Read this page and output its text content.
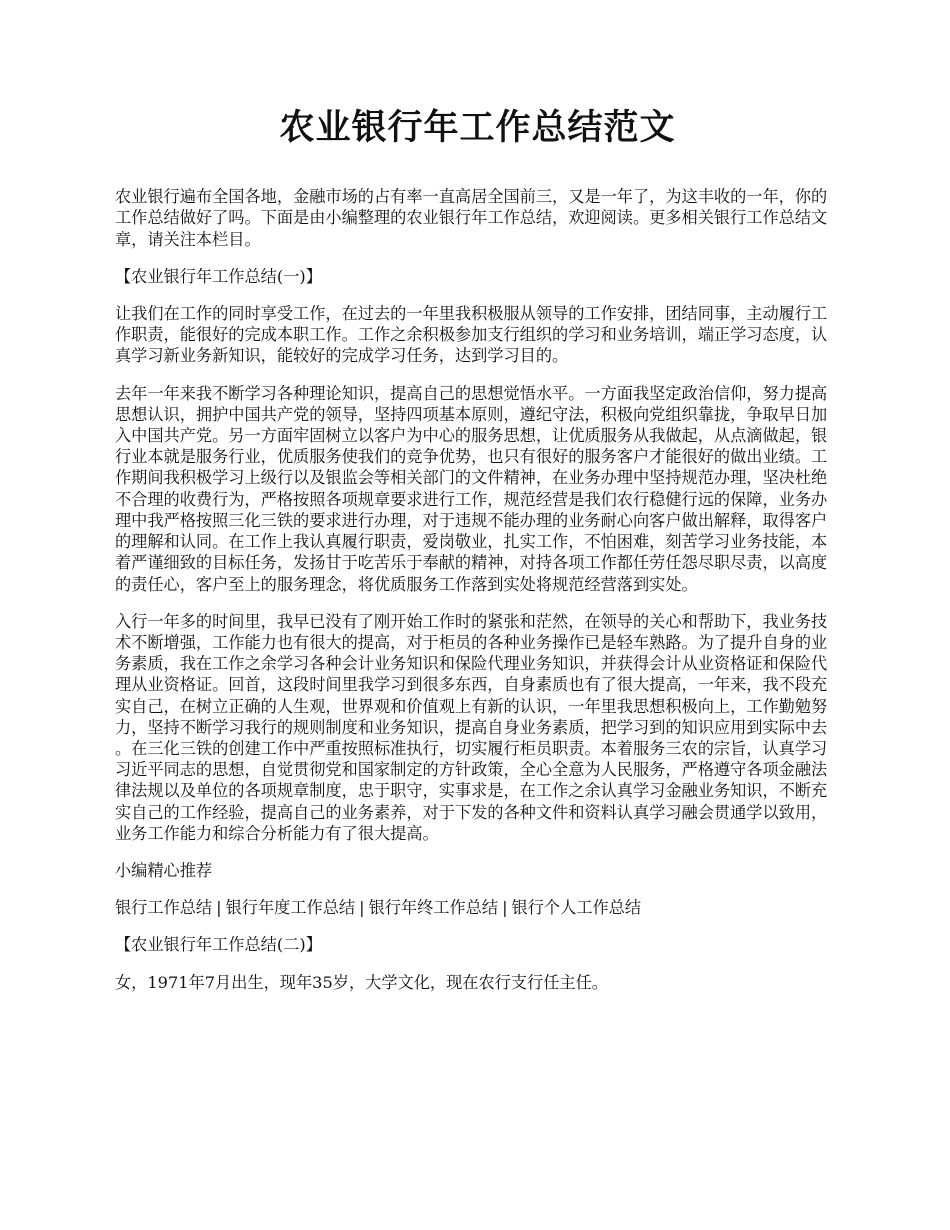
农业银行年工作总结范文

农业银行遍布全国各地，金融市场的占有率一直高居全国前三，又是一年了，为这丰收的一年，你的工作总结做好了吗。下面是由小编整理的农业银行年工作总结，欢迎阅读。更多相关银行工作总结文章，请关注本栏目。

【农业银行年工作总结(一)】

让我们在工作的同时享受工作，在过去的一年里我积极服从领导的工作安排，团结同事，主动履行工作职责，能很好的完成本职工作。工作之余积极参加支行组织的学习和业务培训，端正学习态度，认真学习新业务新知识，能较好的完成学习任务，达到学习目的。

去年一年来我不断学习各种理论知识，提高自己的思想觉悟水平。一方面我坚定政治信仰，努力提高思想认识，拥护中国共产党的领导，坚持四项基本原则，遵纪守法，积极向党组织靠拢，争取早日加入中国共产党。另一方面牢固树立以客户为中心的服务思想，让优质服务从我做起，从点滴做起，银行业本就是服务行业，优质服务使我们的竞争优势，也只有很好的服务客户才能很好的做出业绩。工作期间我积极学习上级行以及银监会等相关部门的文件精神，在业务办理中坚持规范办理，坚决杜绝不合理的收费行为，严格按照各项规章要求进行工作，规范经营是我们农行稳健行远的保障，业务办理中我严格按照三化三铁的要求进行办理，对于违规不能办理的业务耐心向客户做出解释，取得客户的理解和认同。在工作上我认真履行职责，爱岗敬业，扎实工作，不怕困难，刻苦学习业务技能，本着严谨细致的目标任务，发扬甘于吃苦乐于奉献的精神，对持各项工作都任劳任怨尽职尽责，以高度的责任心，客户至上的服务理念，将优质服务工作落到实处将规范经营落到实处。

入行一年多的时间里，我早已没有了刚开始工作时的紧张和茫然，在领导的关心和帮助下，我业务技术不断增强，工作能力也有很大的提高，对于柜员的各种业务操作已是轻车熟路。为了提升自身的业务素质，我在工作之余学习各种会计业务知识和保险代理业务知识，并获得会计从业资格证和保险代理从业资格证。回首，这段时间里我学习到很多东西，自身素质也有了很大提高，一年来，我不段充实自己，在树立正确的人生观，世界观和价值观上有新的认识，一年里我思想积极向上，工作勤勉努力，坚持不断学习我行的规则制度和业务知识，提高自身业务素质，把学习到的知识应用到实际中去。在三化三铁的创建工作中严重按照标准执行，切实履行柜员职责。本着服务三农的宗旨，认真学习习近平同志的思想，自觉贯彻党和国家制定的方针政策，全心全意为人民服务，严格遵守各项金融法律法规以及单位的各项规章制度，忠于职守，实事求是，在工作之余认真学习金融业务知识，不断充实自己的工作经验，提高自己的业务素养，对于下发的各种文件和资料认真学习融会贯通学以致用，业务工作能力和综合分析能力有了很大提高。

小编精心推荐

银行工作总结 | 银行年度工作总结 | 银行年终工作总结 | 银行个人工作总结

【农业银行年工作总结(二)】

女，1971年7月出生，现年35岁，大学文化，现在农行支行任主任。
